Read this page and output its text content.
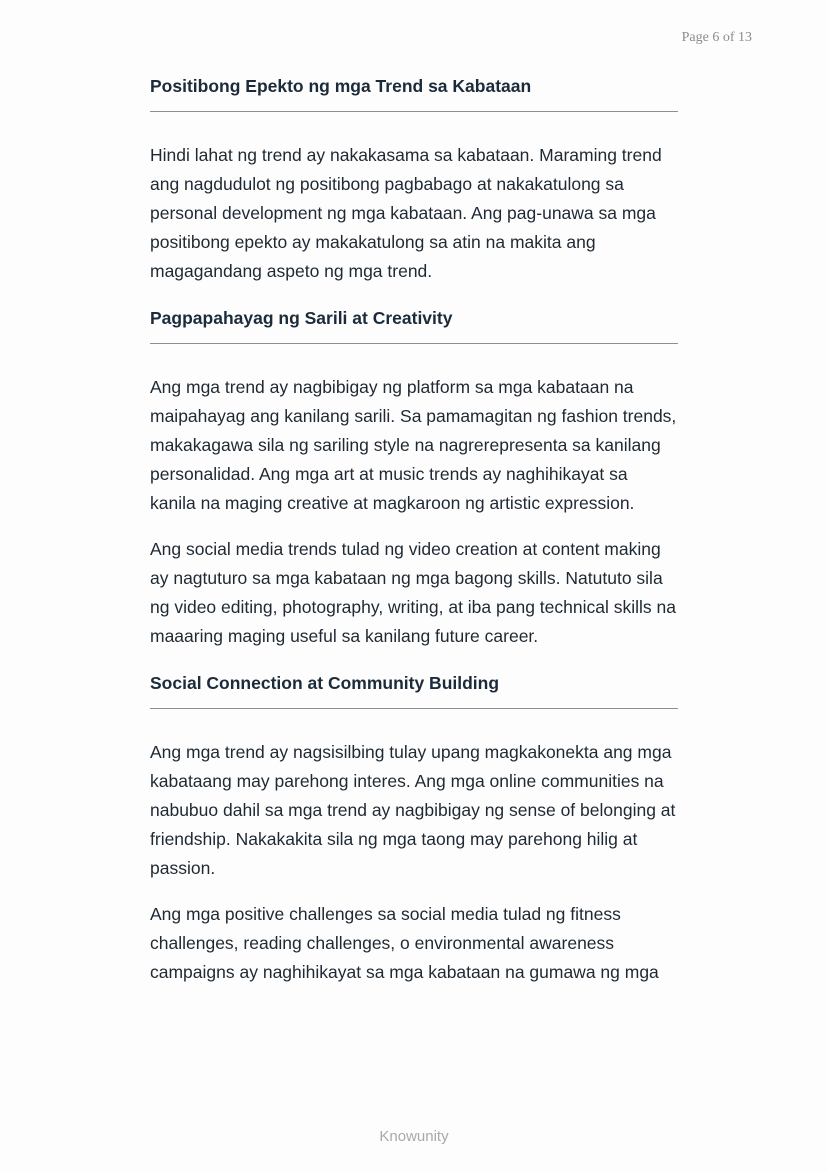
Page 6 of 13
Positibong Epekto ng mga Trend sa Kabataan

Hindi lahat ng trend ay nakakasama sa kabataan. Maraming trend ang nagdudulot ng positibong pagbabago at nakakatulong sa personal development ng mga kabataan. Ang pag-unawa sa mga positibong epekto ay makakatulong sa atin na makita ang magagandang aspeto ng mga trend.

Pagpapahayag ng Sarili at Creativity

Ang mga trend ay nagbibigay ng platform sa mga kabataan na maipahayag ang kanilang sarili. Sa pamamagitan ng fashion trends, makakagawa sila ng sariling style na nagrerepresenta sa kanilang personalidad. Ang mga art at music trends ay naghihikayat sa kanila na maging creative at magkaroon ng artistic expression.

Ang social media trends tulad ng video creation at content making ay nagtuturo sa mga kabataan ng mga bagong skills. Natututo sila ng video editing, photography, writing, at iba pang technical skills na maaaring maging useful sa kanilang future career.

Social Connection at Community Building

Ang mga trend ay nagsisilbing tulay upang magkakonekta ang mga kabataang may parehong interes. Ang mga online communities na nabubuo dahil sa mga trend ay nagbibigay ng sense of belonging at friendship. Nakakakita sila ng mga taong may parehong hilig at passion.

Ang mga positive challenges sa social media tulad ng fitness challenges, reading challenges, o environmental awareness campaigns ay naghihikayat sa mga kabataan na gumawa ng mga

Knowunity
